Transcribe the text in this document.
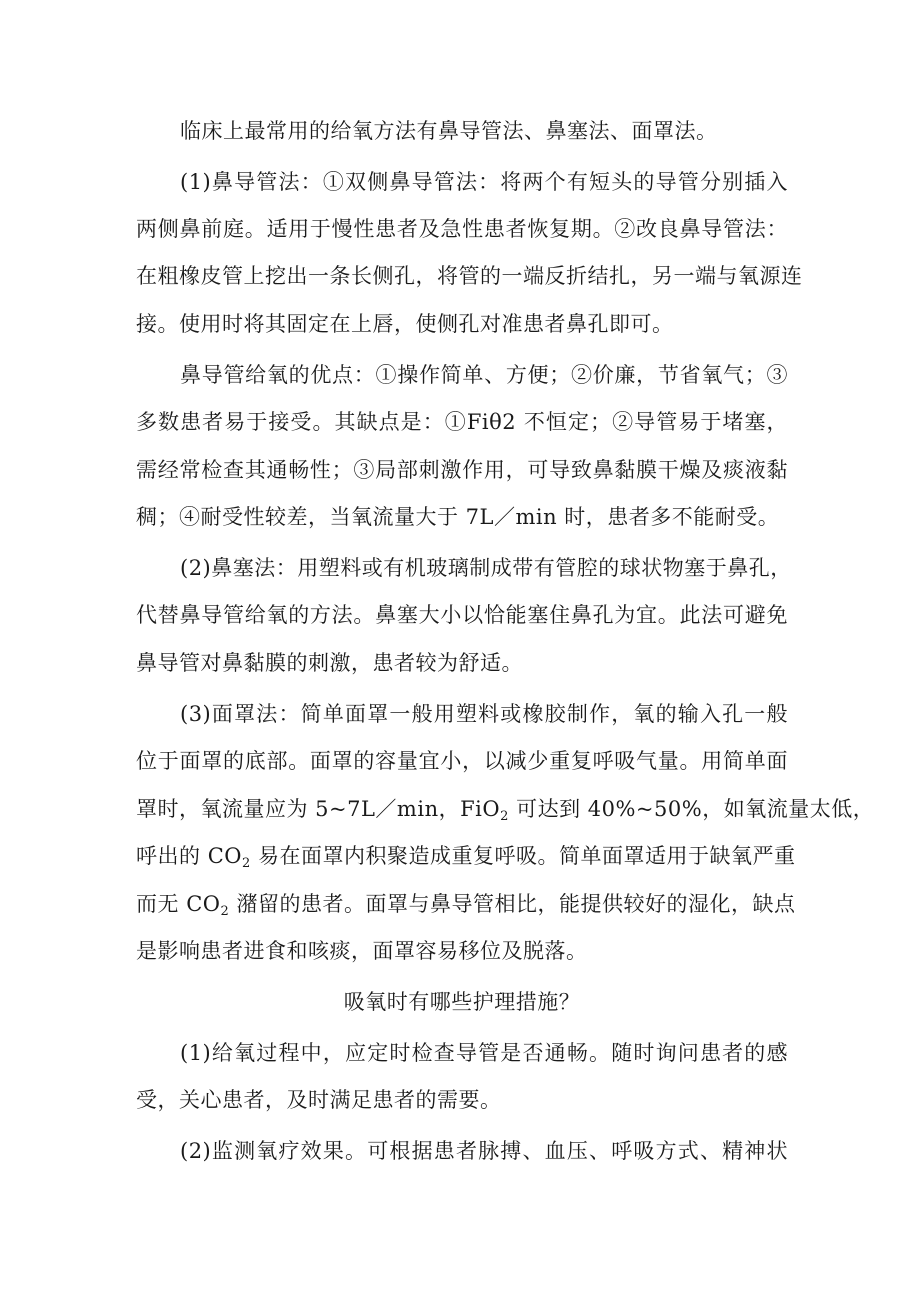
临床上最常用的给氧方法有鼻导管法、鼻塞法、面罩法。
(1)鼻导管法：①双侧鼻导管法：将两个有短头的导管分别插入
两侧鼻前庭。适用于慢性患者及急性患者恢复期。②改良鼻导管法：
在粗橡皮管上挖出一条长侧孔，将管的一端反折结扎，另一端与氧源连
接。使用时将其固定在上唇，使侧孔对准患者鼻孔即可。
鼻导管给氧的优点：①操作简单、方便；②价廉，节省氧气；③
多数患者易于接受。其缺点是：①Fiθ2 不恒定；②导管易于堵塞，
需经常检查其通畅性；③局部刺激作用，可导致鼻黏膜干燥及痰液黏
稠；④耐受性较差，当氧流量大于 7L／min 时，患者多不能耐受。
(2)鼻塞法：用塑料或有机玻璃制成带有管腔的球状物塞于鼻孔，
代替鼻导管给氧的方法。鼻塞大小以恰能塞住鼻孔为宜。此法可避免
鼻导管对鼻黏膜的刺激，患者较为舒适。
(3)面罩法：简单面罩一般用塑料或橡胶制作，氧的输入孔一般
位于面罩的底部。面罩的容量宜小，以减少重复呼吸气量。用简单面
罩时，氧流量应为 5~7L／min，FiO$_2$ 可达到 40%~50%，如氧流量太低，
呼出的 $CO_2$ 易在面罩内积聚造成重复呼吸。简单面罩适用于缺氧严重
而无 $CO_2$ 潴留的患者。面罩与鼻导管相比，能提供较好的湿化，缺点
是影响患者进食和咳痰，面罩容易移位及脱落。
吸氧时有哪些护理措施？
(1)给氧过程中，应定时检查导管是否通畅。随时询问患者的感
受，关心患者，及时满足患者的需要。
(2)监测氧疗效果。可根据患者脉搏、血压、呼吸方式、精神状
